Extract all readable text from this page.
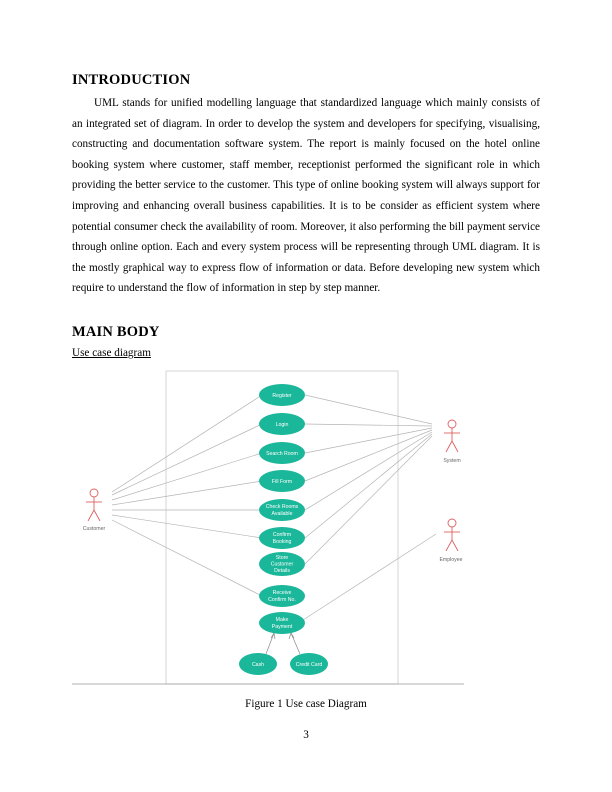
INTRODUCTION

UML stands for unified modelling language that standardized language which mainly consists of an integrated set of diagram. In order to develop the system and developers for specifying, visualising, constructing and documentation software system. The report is mainly focused on the hotel online booking system where customer, staff member, receptionist performed the significant role in which providing the better service to the customer. This type of online booking system will always support for improving and enhancing overall business capabilities. It is to be consider as efficient system where potential consumer check the availability of room. Moreover, it also performing the bill payment service through online option. Each and every system process will be representing through UML diagram. It is the mostly graphical way to express flow of information or data. Before developing new system which require to understand the flow of information in step by step manner.

MAIN BODY
Use case diagram
Register
Login
Search Room
Fill Form
Check Rooms
Available
Confirm
Booking
Store
Customer
Details
Receive
Confirm No.
Make
Payment
Cash	Credit Card
Customer
System
Employee
Figure 1 Use case Diagram
3
